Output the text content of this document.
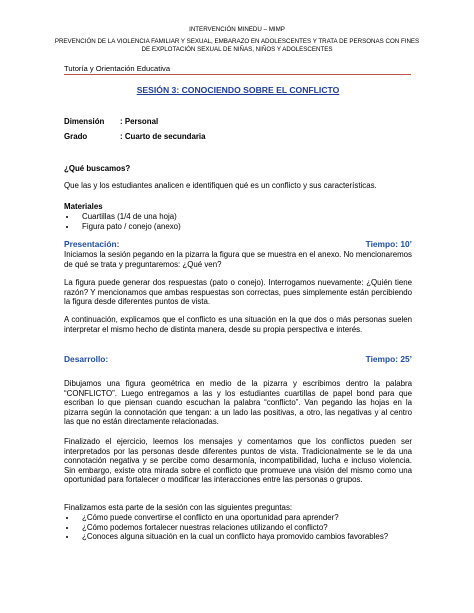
INTERVENCIÓN MINEDU – MIMP
PREVENCIÓN DE LA VIOLENCIA FAMILIAR Y SEXUAL, EMBARAZO EN ADOLESCENTES Y TRATA DE PERSONAS CON FINES
DE EXPLOTACIÓN SEXUAL DE NIÑAS, NIÑOS Y ADOLESCENTES
Tutoría y Orientación Educativa
SESIÓN 3: CONOCIENDO SOBRE EL CONFLICTO
Dimensión : Personal
Grado	: Cuarto de secundaria
¿Qué buscamos?
Que las y los estudiantes analicen e identifiquen qué es un conflicto y sus características.
Materiales
• Cuartillas (1/4 de una hoja)
• Figura pato / conejo (anexo)
Presentación:	Tiempo: 10’
Iniciamos la sesión pegando en la pizarra la figura que se muestra en el anexo. No mencionaremos de qué se trata y preguntaremos: ¿Qué ven?
La figura puede generar dos respuestas (pato o conejo). Interrogamos nuevamente: ¿Quién tiene razón? Y mencionamos que ambas respuestas son correctas, pues simplemente están percibiendo la figura desde diferentes puntos de vista.
A continuación, explicamos que el conflicto es una situación en la que dos o más personas suelen interpretar el mismo hecho de distinta manera, desde su propia perspectiva e interés.
Desarrollo:	Tiempo: 25’
Dibujamos una figura geométrica en medio de la pizarra y escribimos dentro la palabra “CONFLICTO”. Luego entregamos a las y los estudiantes cuartillas de papel bond para que escriban lo que piensan cuando escuchan la palabra “conflicto”. Van pegando las hojas en la pizarra según la connotación que tengan: a un lado las positivas, a otro, las negativas y al centro las que no están directamente relacionadas.
Finalizado el ejercicio, leemos los mensajes y comentamos que los conflictos pueden ser interpretados por las personas desde diferentes puntos de vista. Tradicionalmente se le da una connotación negativa y se percibe como desarmonía, incompatibilidad, lucha e incluso violencia. Sin embargo, existe otra mirada sobre el conflicto que promueve una visión del mismo como una oportunidad para fortalecer o modificar las interacciones entre las personas o grupos.
Finalizamos esta parte de la sesión con las siguientes preguntas:
• ¿Cómo puede convertirse el conflicto en una oportunidad para aprender?
• ¿Cómo podemos fortalecer nuestras relaciones utilizando el conflicto?
• ¿Conoces alguna situación en la cual un conflicto haya promovido cambios favorables?
